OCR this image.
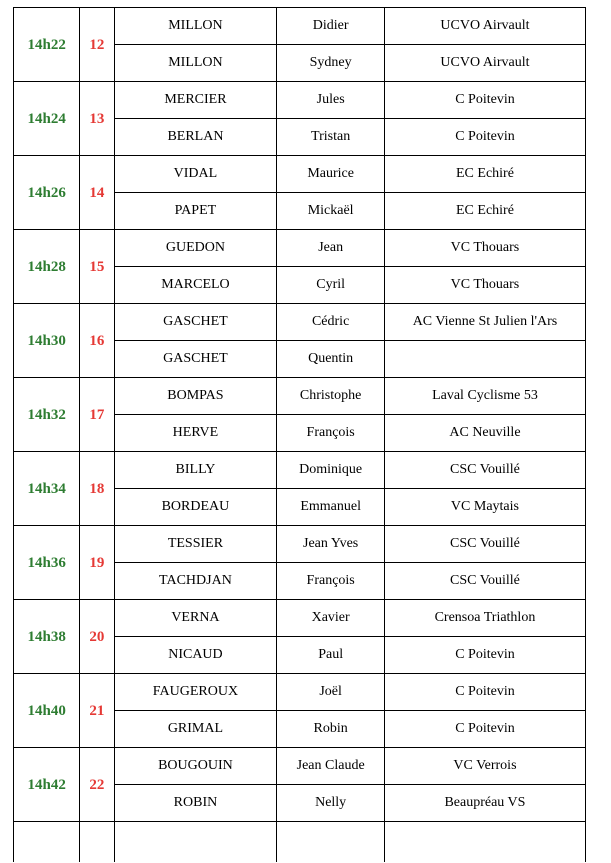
14h22	12	MILLON	Didier	UCVO Airvault
		MILLON	Sydney	UCVO Airvault
14h24	13	MERCIER	Jules	C Poitevin
		BERLAN	Tristan	C Poitevin
14h26	14	VIDAL	Maurice	EC Echiré
		PAPET	Mickaël	EC Echiré
14h28	15	GUEDON	Jean	VC Thouars
		MARCELO	Cyril	VC Thouars
14h30	16	GASCHET	Cédric	AC Vienne St Julien l'Ars
		GASCHET	Quentin	
14h32	17	BOMPAS	Christophe	Laval Cyclisme 53
		HERVE	François	AC Neuville
14h34	18	BILLY	Dominique	CSC Vouillé
		BORDEAU	Emmanuel	VC Maytais
14h36	19	TESSIER	Jean Yves	CSC Vouillé
		TACHDJAN	François	CSC Vouillé
14h38	20	VERNA	Xavier	Crensoa Triathlon
		NICAUD	Paul	C Poitevin
14h40	21	FAUGEROUX	Joël	C Poitevin
		GRIMAL	Robin	C Poitevin
14h42	22	BOUGOUIN	Jean Claude	VC Verrois
		ROBIN	Nelly	Beaupréau VS
